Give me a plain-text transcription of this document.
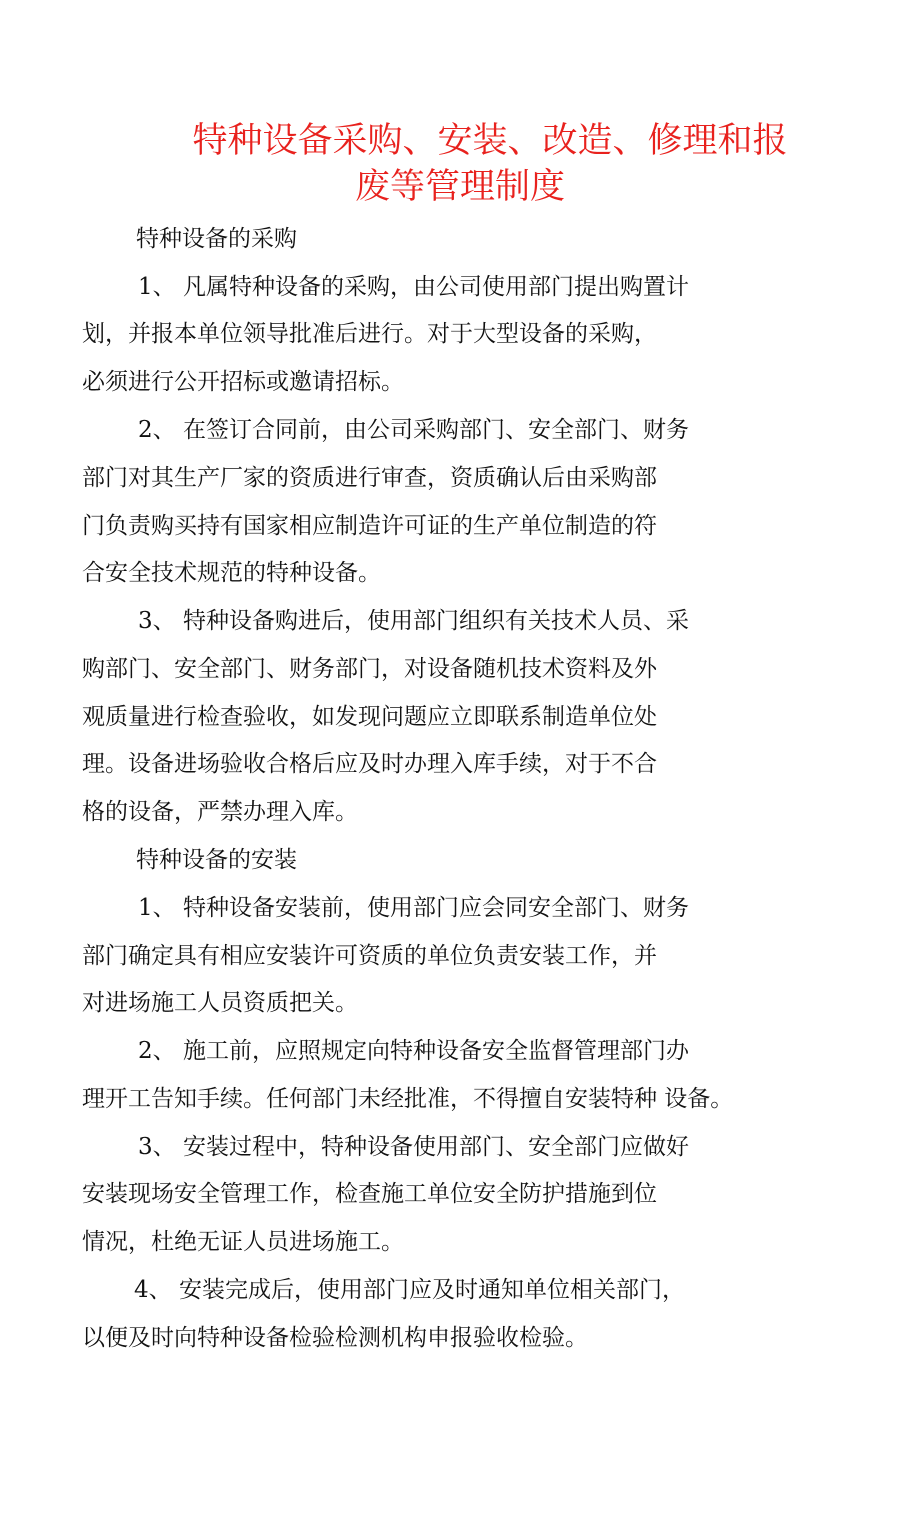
特种设备采购、安装、改造、修理和报
废等管理制度
特种设备的采购
1、 凡属特种设备的采购，由公司使用部门提出购置计
划，并报本单位领导批准后进行。对于大型设备的采购，
必须进行公开招标或邀请招标。
2、 在签订合同前，由公司采购部门、安全部门、财务
部门对其生产厂家的资质进行审查，资质确认后由采购部
门负责购买持有国家相应制造许可证的生产单位制造的符
合安全技术规范的特种设备。
3、 特种设备购进后，使用部门组织有关技术人员、采
购部门、安全部门、财务部门，对设备随机技术资料及外
观质量进行检查验收，如发现问题应立即联系制造单位处
理。设备进场验收合格后应及时办理入库手续，对于不合
格的设备，严禁办理入库。
特种设备的安装
1、 特种设备安装前，使用部门应会同安全部门、财务
部门确定具有相应安装许可资质的单位负责安装工作，并
对进场施工人员资质把关。
2、 施工前，应照规定向特种设备安全监督管理部门办
理开工告知手续。任何部门未经批准，不得擅自安装特种 设备。
3、 安装过程中，特种设备使用部门、安全部门应做好
安装现场安全管理工作，检查施工单位安全防护措施到位
情况，杜绝无证人员进场施工。
4、 安装完成后，使用部门应及时通知单位相关部门，
以便及时向特种设备检验检测机构申报验收检验。
